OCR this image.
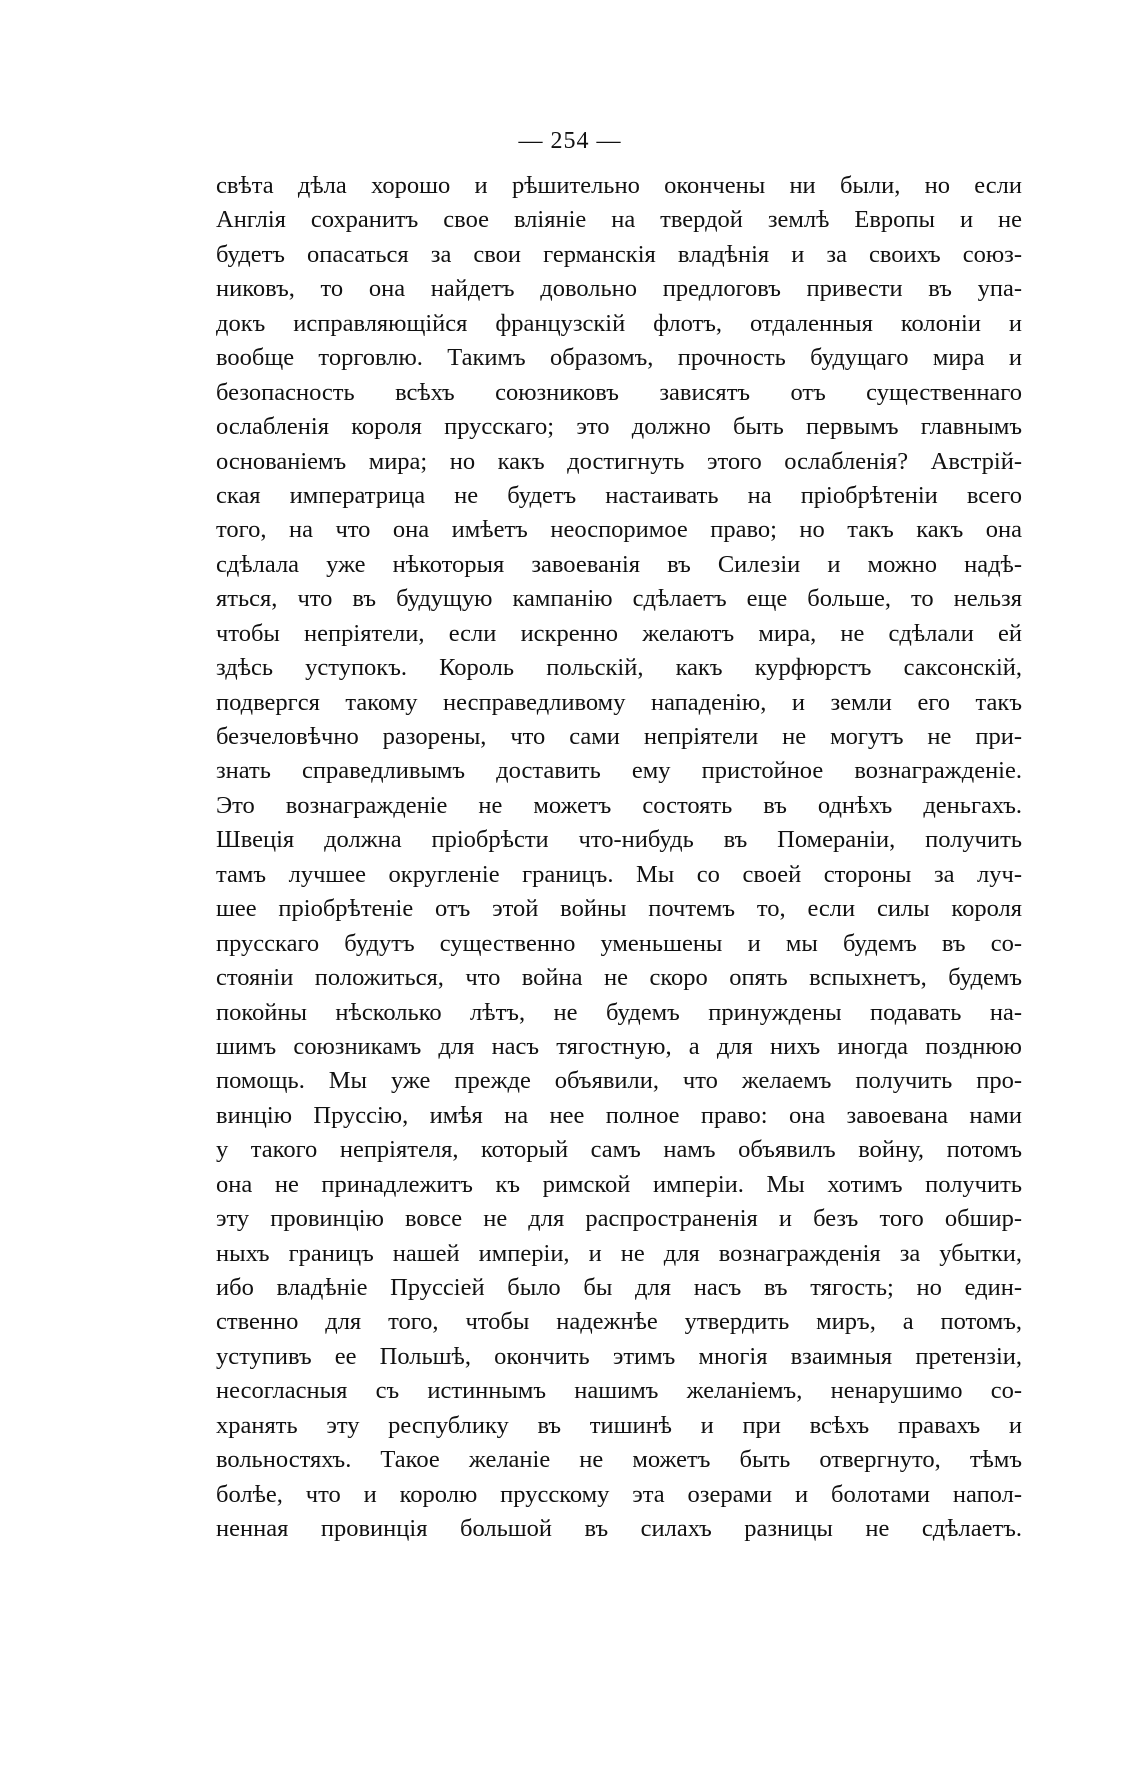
— 254 —
свѣта дѣла хорошо и рѣшительно окончены ни были, но если
Англія сохранитъ свое вліяніе на твердой землѣ Европы и не
будетъ опасаться за свои германскія владѣнія и за своихъ союз-
никовъ, то она найдетъ довольно предлоговъ привести въ упа-
докъ исправляющійся французскій флотъ, отдаленныя колоніи и
вообще торговлю. Такимъ образомъ, прочность будущаго мира и
безопасность всѣхъ союзниковъ зависятъ отъ существеннаго
ослабленія короля прусскаго; это должно быть первымъ главнымъ
основаніемъ мира; но какъ достигнуть этого ослабленія? Австрій-
ская императрица не будетъ настаивать на пріобрѣтеніи всего
того, на что она имѣетъ неоспоримое право; но такъ какъ она
сдѣлала уже нѣкоторыя завоеванія въ Силезіи и можно надѣ-
яться, что въ будущую кампанію сдѣлаетъ еще больше, то нельзя
чтобы непріятели, если искренно желаютъ мира, не сдѣлали ей
здѣсь уступокъ. Король польскій, какъ курфюрстъ саксонскій,
подвергся такому несправедливому нападенію, и земли его такъ
безчеловѣчно разорены, что сами непріятели не могутъ не при-
знать справедливымъ доставить ему пристойное вознагражденіе.
Это вознагражденіе не можетъ состоять въ однѣхъ деньгахъ.
Швеція должна пріобрѣсти что-нибудь въ Помераніи, получить
тамъ лучшее округленіе границъ. Мы со своей стороны за луч-
шее пріобрѣтеніе отъ этой войны почтемъ то, если силы короля
прусскаго будутъ существенно уменьшены и мы будемъ въ со-
стояніи положиться, что война не скоро опять вспыхнетъ, будемъ
покойны нѣсколько лѣтъ, не будемъ принуждены подавать на-
шимъ союзникамъ для насъ тягостную, а для нихъ иногда позднюю
помощь. Мы уже прежде объявили, что желаемъ получить про-
винцію Пруссію, имѣя на нее полное право: она завоевана нами
у такого непріятеля, который самъ намъ объявилъ войну, потомъ
она не принадлежитъ къ римской имперіи. Мы хотимъ получить
эту провинцію вовсе не для распространенія и безъ того обшир-
ныхъ границъ нашей имперіи, и не для вознагражденія за убытки,
ибо владѣніе Пруссіей было бы для насъ въ тягость; но един-
ственно для того, чтобы надежнѣе утвердить миръ, а потомъ,
уступивъ ее Польшѣ, окончить этимъ многія взаимныя претензіи,
несогласныя съ истиннымъ нашимъ желаніемъ, ненарушимо со-
хранять эту республику въ тишинѣ и при всѣхъ правахъ и
вольностяхъ. Такое желаніе не можетъ быть отвергнуто, тѣмъ
болѣе, что и королю прусскому эта озерами и болотами напол-
ненная провинція большой въ силахъ разницы не сдѣлаетъ.
